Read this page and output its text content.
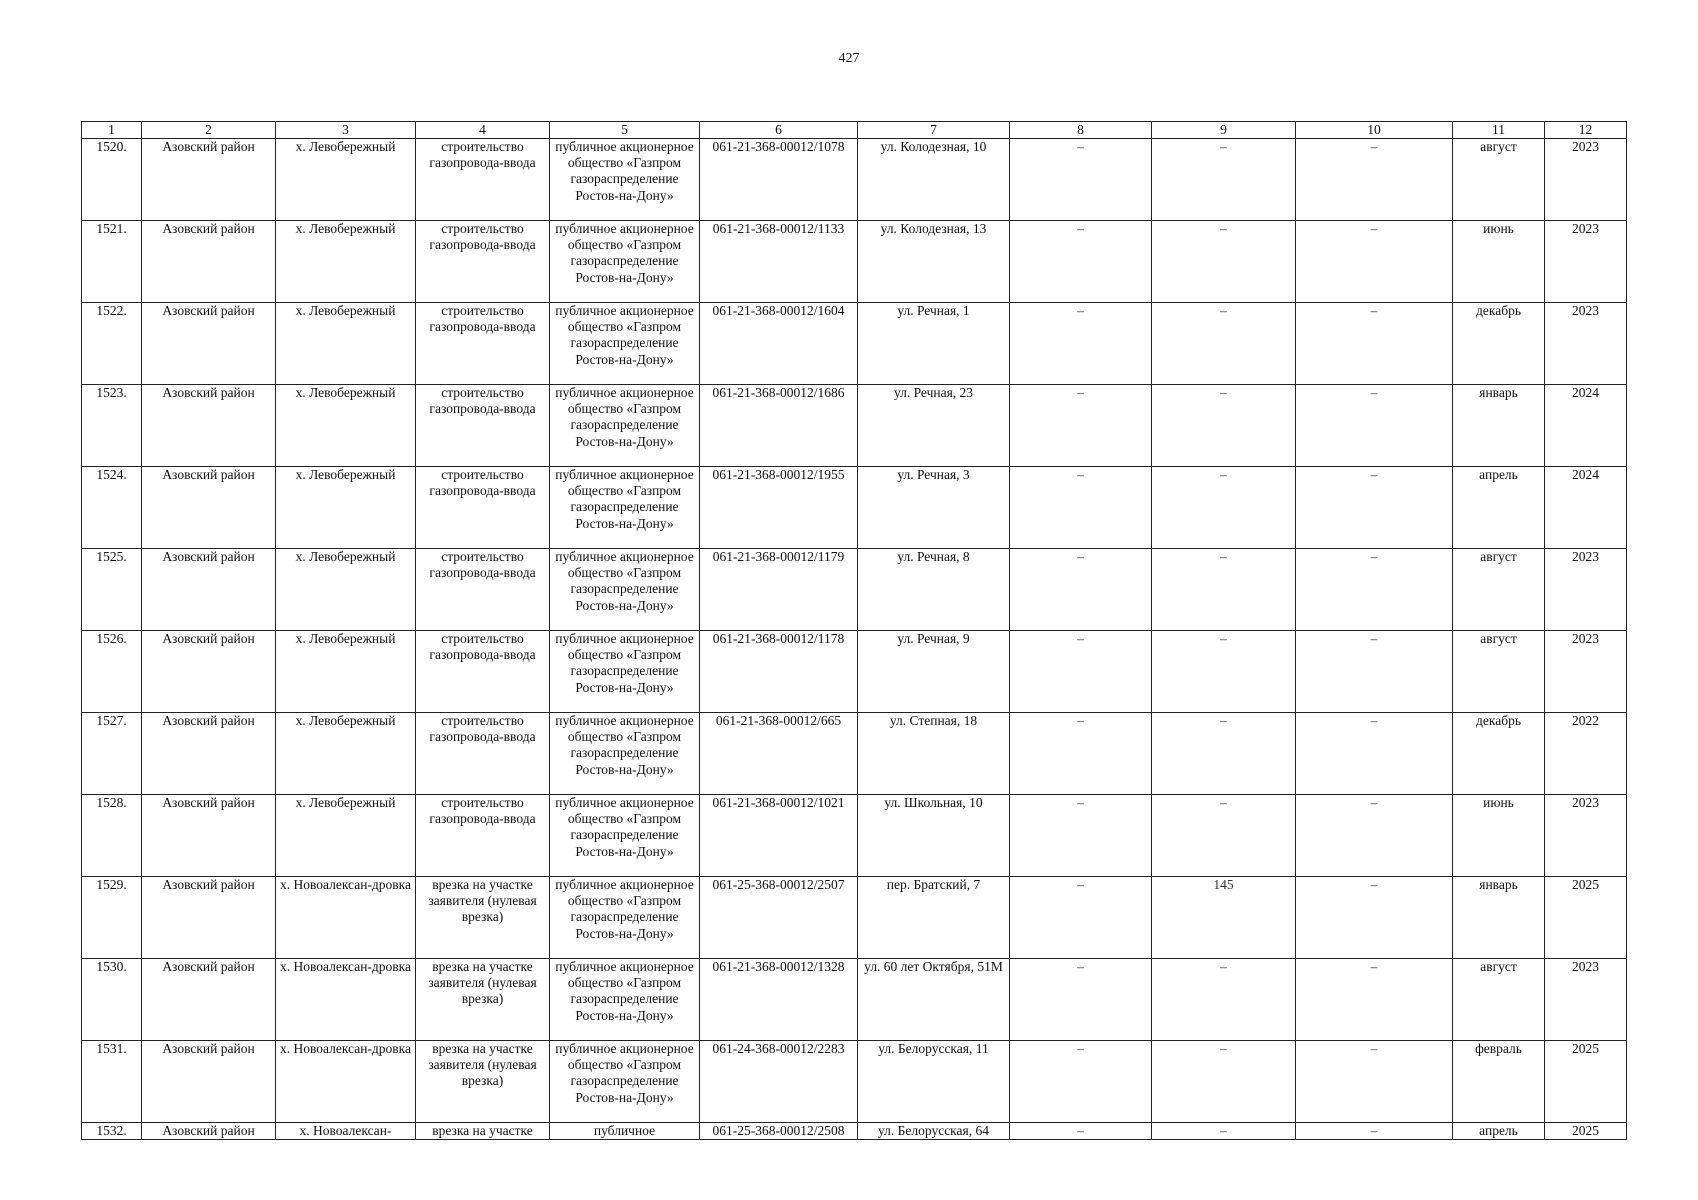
427
1	2	3	4	5	6	7	8	9	10	11	12
1520.	Азовский район	х. Левобережный	строительство газопровода-ввода	публичное акционерное общество «Газпром газораспределение Ростов-на-Дону»	061-21-368-00012/1078	ул. Колодезная, 10	–	–	–	август	2023
1521.	Азовский район	х. Левобережный	строительство газопровода-ввода	публичное акционерное общество «Газпром газораспределение Ростов-на-Дону»	061-21-368-00012/1133	ул. Колодезная, 13	–	–	–	июнь	2023
1522.	Азовский район	х. Левобережный	строительство газопровода-ввода	публичное акционерное общество «Газпром газораспределение Ростов-на-Дону»	061-21-368-00012/1604	ул. Речная, 1	–	–	–	декабрь	2023
1523.	Азовский район	х. Левобережный	строительство газопровода-ввода	публичное акционерное общество «Газпром газораспределение Ростов-на-Дону»	061-21-368-00012/1686	ул. Речная, 23	–	–	–	январь	2024
1524.	Азовский район	х. Левобережный	строительство газопровода-ввода	публичное акционерное общество «Газпром газораспределение Ростов-на-Дону»	061-21-368-00012/1955	ул. Речная, 3	–	–	–	апрель	2024
1525.	Азовский район	х. Левобережный	строительство газопровода-ввода	публичное акционерное общество «Газпром газораспределение Ростов-на-Дону»	061-21-368-00012/1179	ул. Речная, 8	–	–	–	август	2023
1526.	Азовский район	х. Левобережный	строительство газопровода-ввода	публичное акционерное общество «Газпром газораспределение Ростов-на-Дону»	061-21-368-00012/1178	ул. Речная, 9	–	–	–	август	2023
1527.	Азовский район	х. Левобережный	строительство газопровода-ввода	публичное акционерное общество «Газпром газораспределение Ростов-на-Дону»	061-21-368-00012/665	ул. Степная, 18	–	–	–	декабрь	2022
1528.	Азовский район	х. Левобережный	строительство газопровода-ввода	публичное акционерное общество «Газпром газораспределение Ростов-на-Дону»	061-21-368-00012/1021	ул. Школьная, 10	–	–	–	июнь	2023
1529.	Азовский район	х. Новоалексан-дровка	врезка на участке заявителя (нулевая врезка)	публичное акционерное общество «Газпром газораспределение Ростов-на-Дону»	061-25-368-00012/2507	пер. Братский, 7	–	145	–	январь	2025
1530.	Азовский район	х. Новоалексан-дровка	врезка на участке заявителя (нулевая врезка)	публичное акционерное общество «Газпром газораспределение Ростов-на-Дону»	061-21-368-00012/1328	ул. 60 лет Октября, 51М	–	–	–	август	2023
1531.	Азовский район	х. Новоалексан-дровка	врезка на участке заявителя (нулевая врезка)	публичное акционерное общество «Газпром газораспределение Ростов-на-Дону»	061-24-368-00012/2283	ул. Белорусская, 11	–	–	–	февраль	2025
1532.	Азовский район	х. Новоалексан-	врезка на участке	публичное	061-25-368-00012/2508	ул. Белорусская, 64	–	–	–	апрель	2025
